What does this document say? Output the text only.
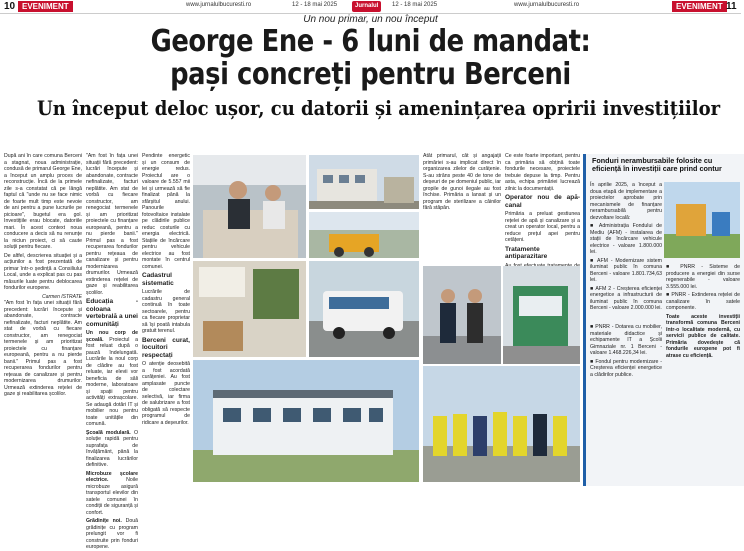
10 EVENIMENT	www.jurnalulbucuresti.ro	12 - 18 mai 2025	Jurnalul	12 - 18 mai 2025	www.jurnalulbucuresti.ro	EVENIMENT 11
Un nou primar, un nou început
George Ene - 6 luni de mandat:
pași concreți pentru Berceni
Un început deloc ușor, cu datorii și amenințarea opririi investițiilor

După ani în care comuna Berceni a stagnat, noua administrație, condusă de primarul George Ene, a început un amplu proces de reconstrucție. Încă de la primele zile s-a constatat că pe lângă faptul că "unde nu se face nimic de foarte mult timp este nevoie de ani pentru a pune lucrurile pe picioare", bugetul era gol. Investițiile erau blocate, datoriile mari. În acest context noua conducere a decis să nu renunțe la niciun proiect, ci să caute soluții pentru fiecare.

De altfel, descrierea situației și a acțiunilor a fost prezentată de primar într-o ședință a Consiliului Local, unde a explicat pas cu pas măsurile luate pentru deblocarea fondurilor europene.

Carmen ISTRATE

"Am fost în fața unei situații fără precedent: lucrări începute și abandonate, contracte nefinalizate, facturi neplătite. Am stat de vorbă cu fiecare constructor, am renegociat termenele și am prioritizat proiectele cu finanțare europeană, pentru a nu pierde banii." Primul pas a fost recuperarea fondurilor pentru rețeaua de canalizare și pentru modernizarea drumurilor. Urmează extinderea rețelei de gaze și reabilitarea școlilor.

"Am fost în fața unei situații fără precedent: lucrări începute și abandonate, contracte nefinalizate, facturi neplătite. Am stat de vorbă cu fiecare constructor, am renegociat termenele și am prioritizat proiectele cu finanțare europeană, pentru a nu pierde banii." Primul pas a fost recuperarea fondurilor pentru rețeaua de canalizare și pentru modernizarea drumurilor. Urmează extinderea rețelei de gaze și reabilitarea școlilor.

Educația - coloana vertebrală a unei comunități

Un nou corp de școală. Proiectul a fost reluat după o pauză îndelungată. Lucrările la noul corp de clădire au fost reluate, iar elevii vor beneficia de săli moderne, laboratoare și spații pentru activități extrașcolare. Se adaugă dotări IT și mobilier nou pentru toate unitățile din comună.

Școală modulară. O soluție rapidă pentru suprafața de învățământ, până la finalizarea lucrărilor definitive.

Microbuze școlare electrice.	Noile microbuze asigură transportul elevilor din satele comunei în condiții de siguranță și confort.

Grădinițe noi. Două grădinițe cu program prelungit vor fi construite prin fonduri europene.

Pendinte energetic și un consum de energie redus. Proiectul are o valoare de 5.557 mii lei și urmează să fie finalizat până la sfârșitul anului. Panourile fotovoltaice instalate pe clădirile publice reduc costurile cu energia electrică. Stațiile de încărcare pentru vehicule electrice au fost montate în centrul comunei.

Cadastrul sistematic

Lucrările de cadastru general continuă în toate sectoarele, pentru ca fiecare proprietar să își poată intabula gratuit terenul.

Berceni curat, locuitori respectați

O atenție deosebită a fost acordată curățeniei. Au fost amplasate puncte de colectare selectivă, iar firma de salubrizare a fost obligată să respecte programul de ridicare a deșeurilor.

Atât primarul, cât și angajații primăriei s-au implicat direct în organizarea zilelor de curățenie. S-au strâns peste 40 de tone de deșeuri de pe domeniul public, iar gropile de gunoi ilegale au fost închise. Primăria a lansat și un program de sterilizare a câinilor fără stăpân.

Ce este foarte important, pentru ca primăria să obțină toate fondurile necesare, proiectele trebuie depuse la timp. Pentru asta, echipa primăriei lucrează zilnic la documentații.

Operator nou de apă-canal

Primăria a preluat gestiunea rețelei de apă și canalizare și a creat un operator local, pentru a reduce prețul apei pentru cetățeni.

Tratamente antiparazitare

Fonduri nerambursabile folosite cu eficiență în investiții care prind contur

În aprilie 2025, a început a doua etapă de implementare a proiectelor aprobate prin mecanismele de finanțare nerambursabilă pentru dezvoltare locală:

■ Administrația Fondului de Mediu (AFM) - instalarea de stații de încărcare vehicule electrice - valoare 1.800.000 lei.

■ AFM - Modernizare sistem iluminat public în comuna Berceni - valoare 1.801.734,63 lei.

■ AFM 2 - Creșterea eficienței energetice a infrastructurii de iluminat public în comuna Berceni - valoare 2.000.000 lei.

■ PNRR - Dotarea cu mobilier, materiale didactice și echipamente IT a Școlii Gimnaziale nr. 1 Berceni - valoare 1.468.226,34 lei.

■ Fondul pentru modernizare - Creșterea eficienței energetice a clădirilor publice.

■ PNRR - Sisteme de producere a energiei din surse regenerabile - valoare 3.555.000 lei.

■ PNRR - Extinderea rețelei de canalizare în satele componente.

Toate aceste investiții transformă comuna Berceni într-o localitate modernă, cu servicii publice de calitate. Primăria dovedește că fondurile europene pot fi atrase cu eficiență.
